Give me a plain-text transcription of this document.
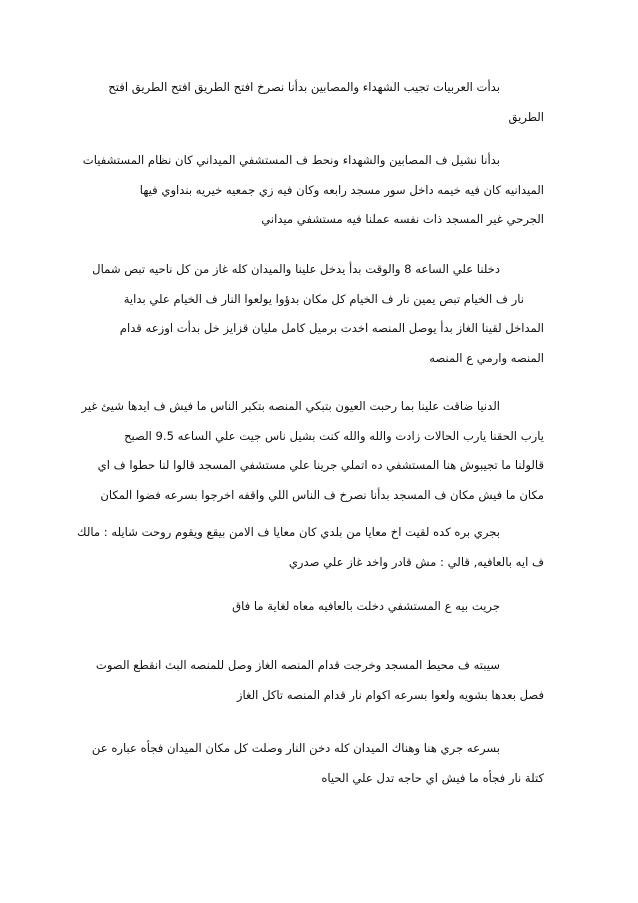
بدأت العربيات تجيب الشهداء والمصابين بدأنا نصرخ افتح الطريق افتح الطريق افتح
الطريق
بدأنا نشيل ف المصابين والشهداء ونحط ف المستشفي الميداني كان نظام المستشفيات
الميدانيه كان فيه خيمه داخل سور مسجد رابعه وكان فيه زي جمعيه خيريه بنداوي فيها
الجرحي غير المسجد ذات نفسه عملنا فيه مستشفي ميداني
دخلنا علي الساعه 8 والوقت بدأ يدخل علينا والميدان كله غاز من كل ناحيه تبص شمال
نار ف الخيام تبص يمين نار ف الخيام كل مكان بدؤوا يولعوا النار ف الخيام علي بداية
المداخل لقينا الغاز بدأ يوصل المنصه اخدت برميل كامل مليان قزايز خل بدأت اوزعه قدام
المنصه وارمي ع المنصه
الدنيا ضاقت علينا بما رحبت العيون بتبكي المنصه بتكبر الناس ما فيش ف ايدها شيئ غير
يارب الحقنا يارب الحالات زادت والله والله كنت بشيل ناس جيت علي الساعه 9.5 الصبح
قالولنا ما تجيبوش هنا المستشفي ده اتملي جرينا علي مستشفي المسجد قالوا لنا حطوا ف اي
مكان ما فيش مكان ف المسجد بدأنا نصرخ ف الناس اللي واقفه اخرجوا بسرعه فضوا المكان
بجري بره كده لقيت اخ معايا من بلدي كان معايا ف الامن بيقع ويقوم روحت شايله : مالك
ف ايه بالعافيه, قالي : مش قادر واخد غاز علي صدري
جريت بيه ع المستشفي دخلت بالعافيه معاه لغاية ما فاق
سيبته ف محيط المسجد وخرجت قدام المنصه الغاز وصل للمنصه البث انقطع الصوت
فصل بعدها بشويه ولعوا بسرعه اكوام نار قدام المنصه تاكل الغاز
بسرعه جري هنا وهناك الميدان كله دخن النار وصلت كل مكان الميدان فجأه عباره عن
كتلة نار فجأه ما فيش اي حاجه تدل علي الحياه
